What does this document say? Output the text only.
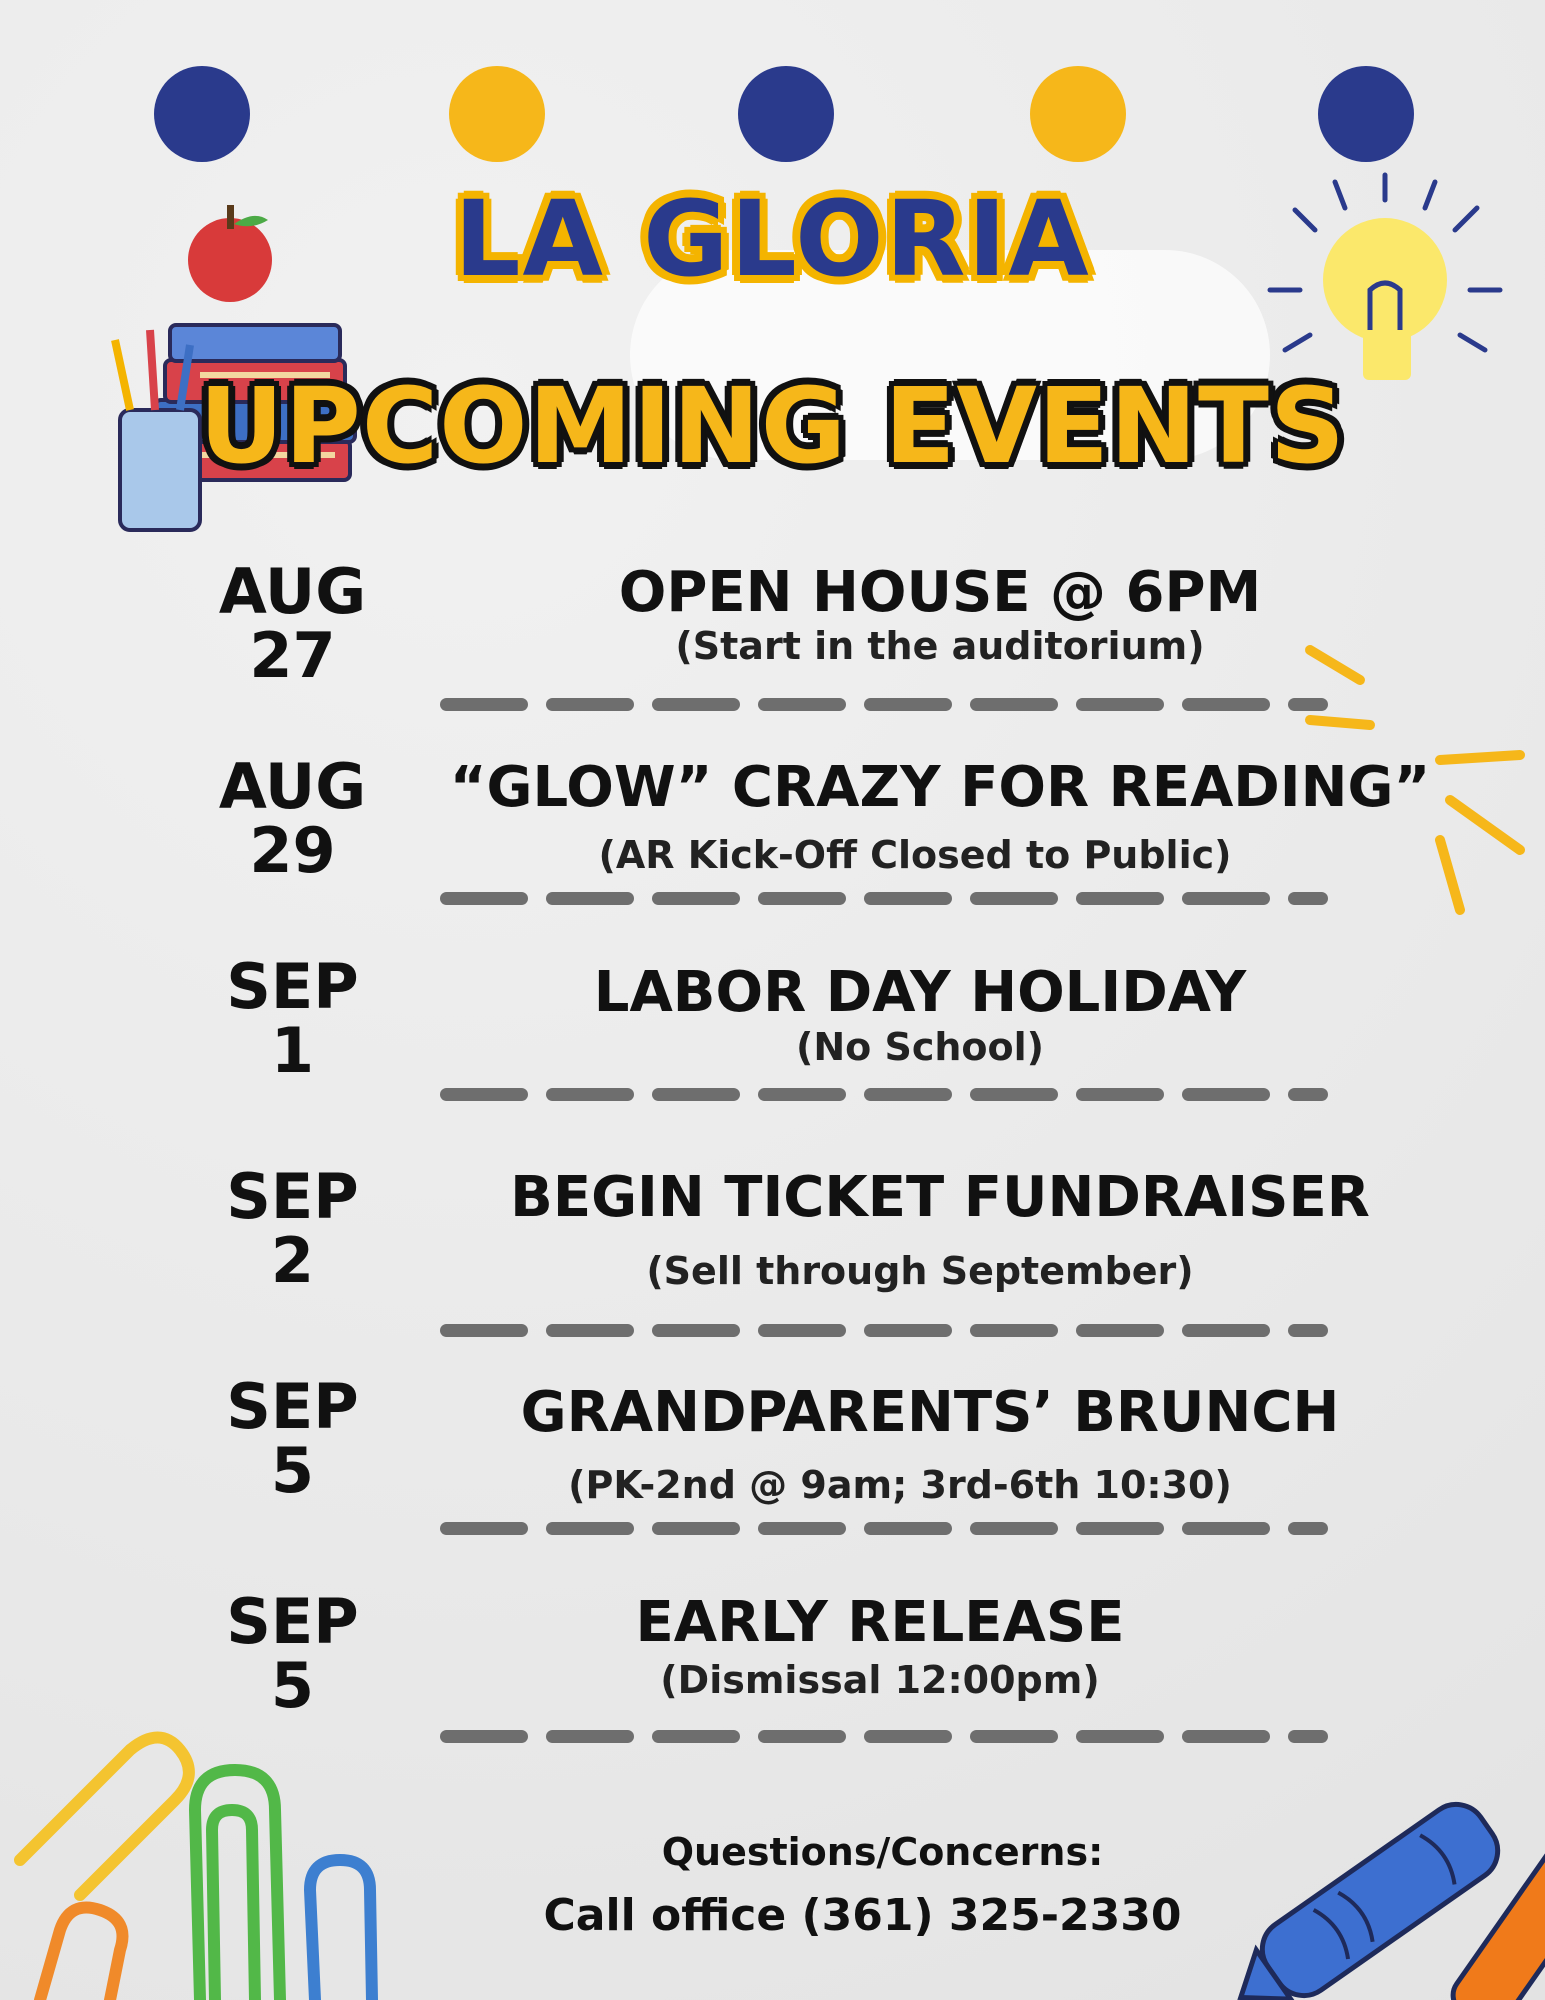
LA GLORIA
UPCOMING EVENTS
AUG
27
OPEN HOUSE @ 6PM
(Start in the auditorium)
AUG
29
“GLOW” CRAZY FOR READING”
(AR Kick-Off Closed to Public)
SEP
1
LABOR DAY HOLIDAY
(No School)
SEP
2
BEGIN TICKET FUNDRAISER
(Sell through September)
SEP
5
GRANDPARENTS’ BRUNCH
(PK-2nd @ 9am; 3rd-6th 10:30)
SEP
5
EARLY RELEASE
(Dismissal 12:00pm)
Questions/Concerns:
Call office (361) 325-2330
